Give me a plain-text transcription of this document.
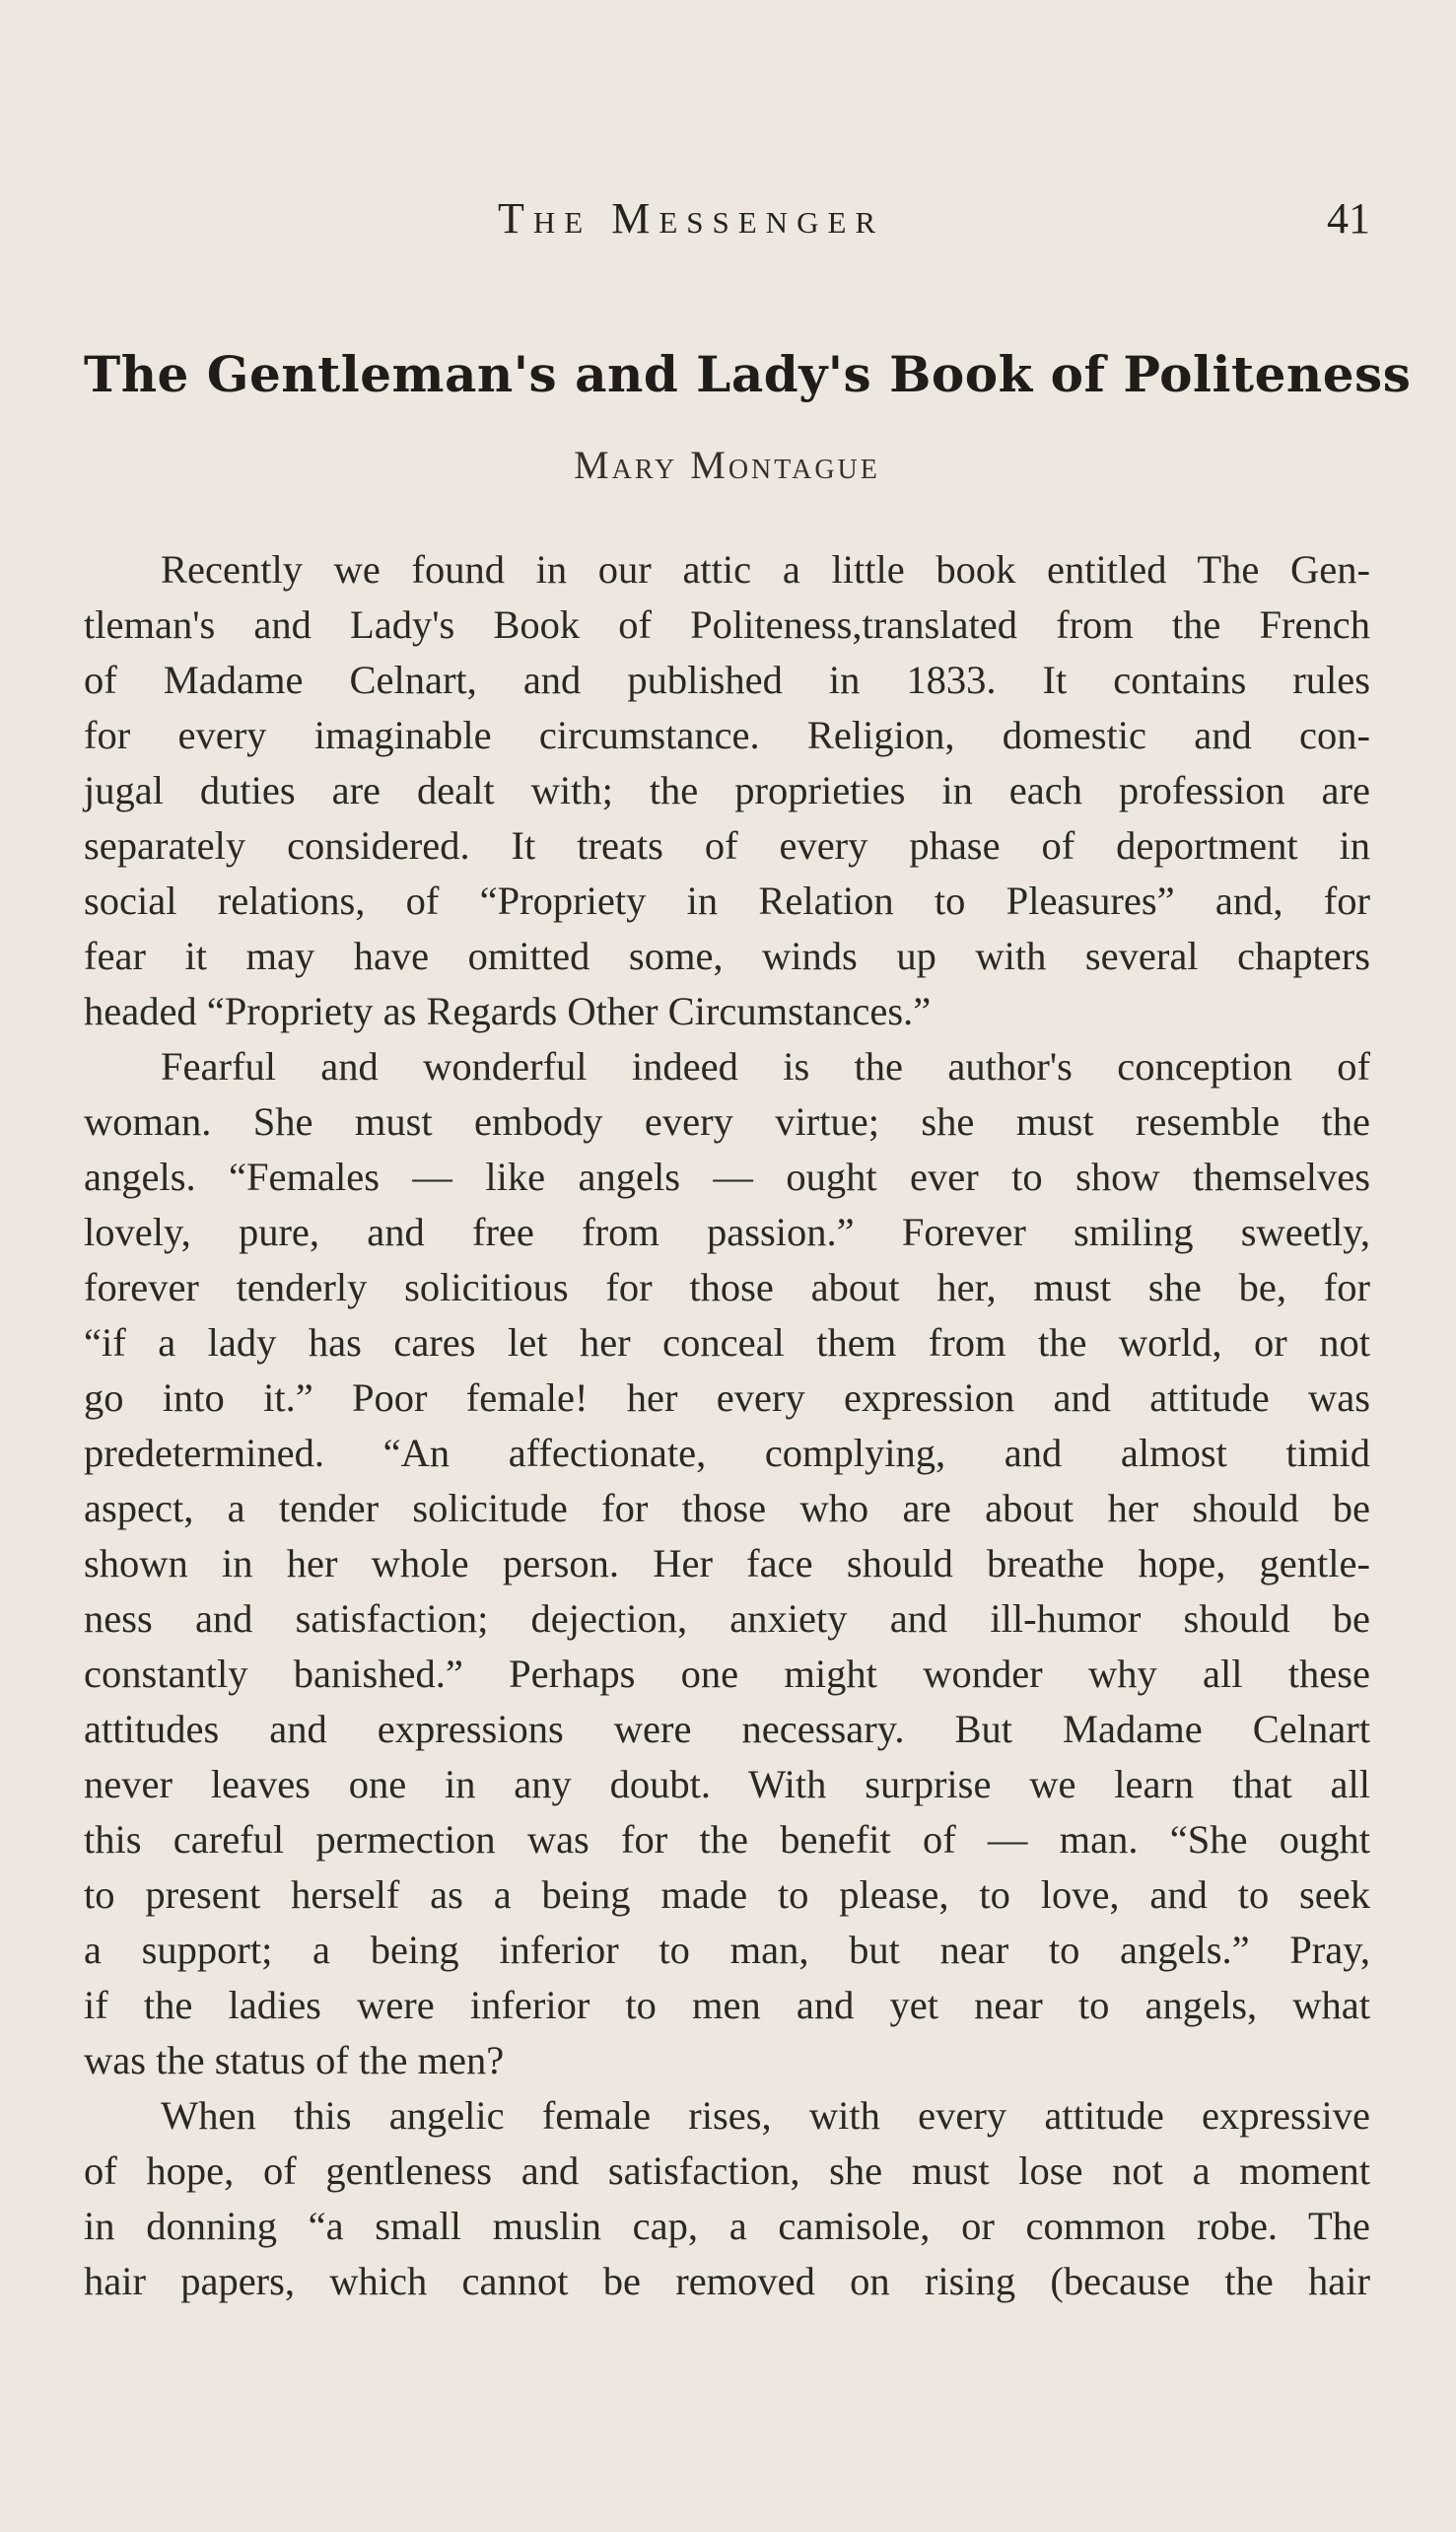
The Messenger	41
The Gentleman's and Lady's Book of Politeness
Mary Montague
Recently we found in our attic a little book entitled The Gen-
tleman's and Lady's Book of Politeness,translated from the French
of Madame Celnart, and published in 1833. It contains rules
for every imaginable circumstance. Religion, domestic and con-
jugal duties are dealt with; the proprieties in each profession are
separately considered. It treats of every phase of deportment in
social relations, of “Propriety in Relation to Pleasures” and, for
fear it may have omitted some, winds up with several chapters
headed “Propriety as Regards Other Circumstances.”
Fearful and wonderful indeed is the author's conception of
woman. She must embody every virtue; she must resemble the
angels. “Females — like angels — ought ever to show themselves
lovely, pure, and free from passion.” Forever smiling sweetly,
forever tenderly solicitious for those about her, must she be, for
“if a lady has cares let her conceal them from the world, or not
go into it.” Poor female! her every expression and attitude was
predetermined. “An affectionate, complying, and almost timid
aspect, a tender solicitude for those who are about her should be
shown in her whole person. Her face should breathe hope, gentle-
ness and satisfaction; dejection, anxiety and ill-humor should be
constantly banished.” Perhaps one might wonder why all these
attitudes and expressions were necessary. But Madame Celnart
never leaves one in any doubt. With surprise we learn that all
this careful permection was for the benefit of — man. “She ought
to present herself as a being made to please, to love, and to seek
a support; a being inferior to man, but near to angels.” Pray,
if the ladies were inferior to men and yet near to angels, what
was the status of the men?
When this angelic female rises, with every attitude expressive
of hope, of gentleness and satisfaction, she must lose not a moment
in donning “a small muslin cap, a camisole, or common robe. The
hair papers, which cannot be removed on rising (because the hair
